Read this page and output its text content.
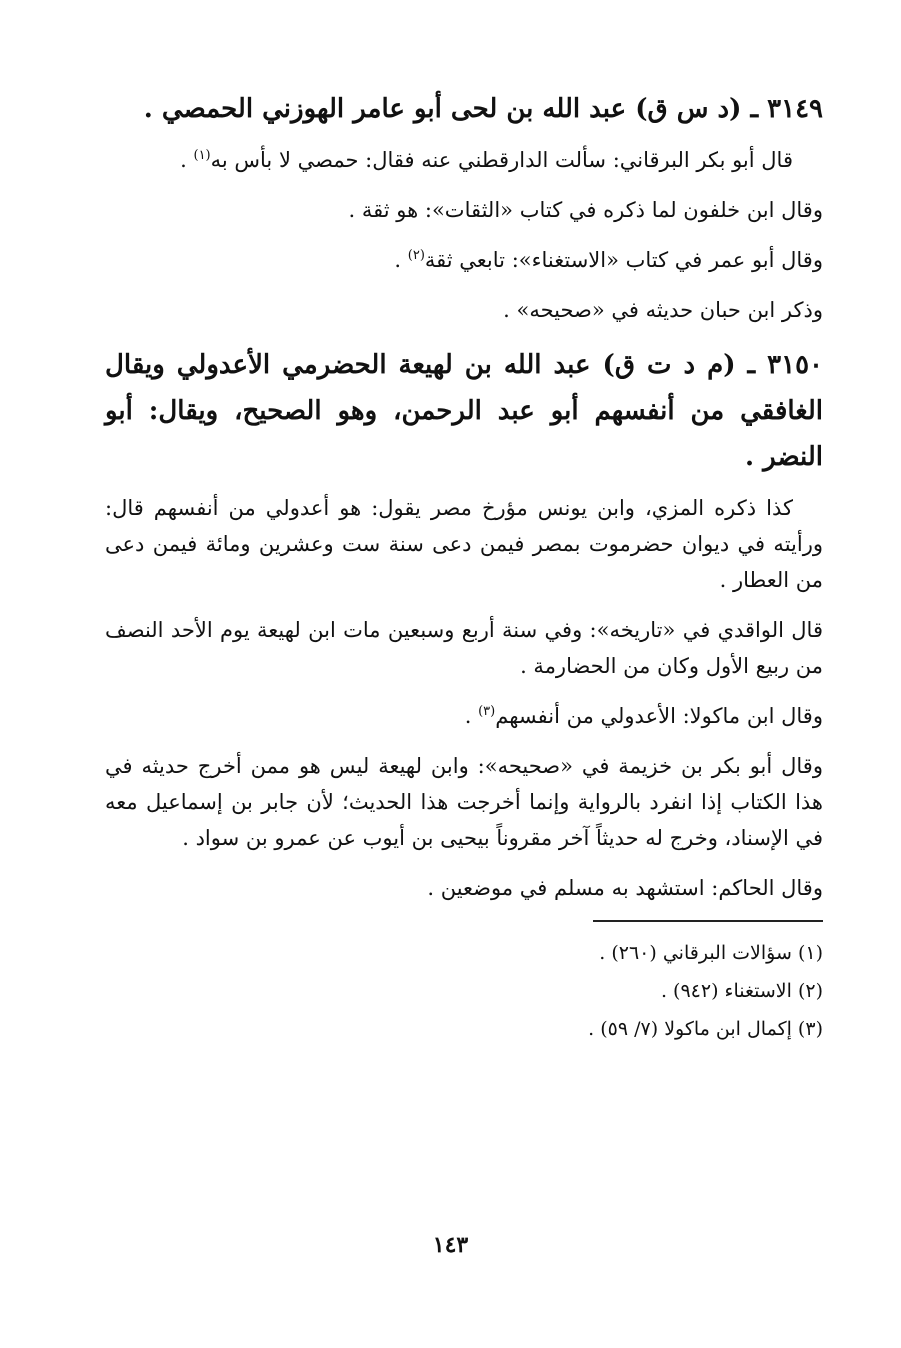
٣١٤٩ ـ (د س ق) عبد الله بن لحى أبو عامر الهوزني الحمصي .
قال أبو بكر البرقاني: سألت الدارقطني عنه فقال: حمصي لا بأس به$^{(١)}$ .
وقال ابن خلفون لما ذكره في كتاب «الثقات»: هو ثقة .
وقال أبو عمر في كتاب «الاستغناء»: تابعي ثقة$^{(٢)}$ .
وذكر ابن حبان حديثه في «صحيحه» .
٣١٥٠ ـ (م د ت ق) عبد الله بن لهيعة الحضرمي الأعدولي ويقال الغافقي من أنفسهم أبو عبد الرحمن، وهو الصحيح، ويقال: أبو النضر .
كذا ذكره المزي، وابن يونس مؤرخ مصر يقول: هو أعدولي من أنفسهم قال: ورأيته في ديوان حضرموت بمصر فيمن دعى سنة ست وعشرين ومائة فيمن دعى من العطار .
قال الواقدي في «تاريخه»: وفي سنة أربع وسبعين مات ابن لهيعة يوم الأحد النصف من ربيع الأول وكان من الحضارمة .
وقال ابن ماكولا: الأعدولي من أنفسهم$^{(٣)}$ .
وقال أبو بكر بن خزيمة في «صحيحه»: وابن لهيعة ليس هو ممن أخرج حديثه في هذا الكتاب إذا انفرد بالرواية وإنما أخرجت هذا الحديث؛ لأن جابر بن إسماعيل معه في الإسناد، وخرج له حديثاً آخر مقروناً بيحيى بن أيوب عن عمرو بن سواد .
وقال الحاكم: استشهد به مسلم في موضعين .

(١) سؤالات البرقاني (٢٦٠) .

(٢) الاستغناء (٩٤٢) .

(٣) إكمال ابن ماكولا (٧/ ٥٩) .

١٤٣
